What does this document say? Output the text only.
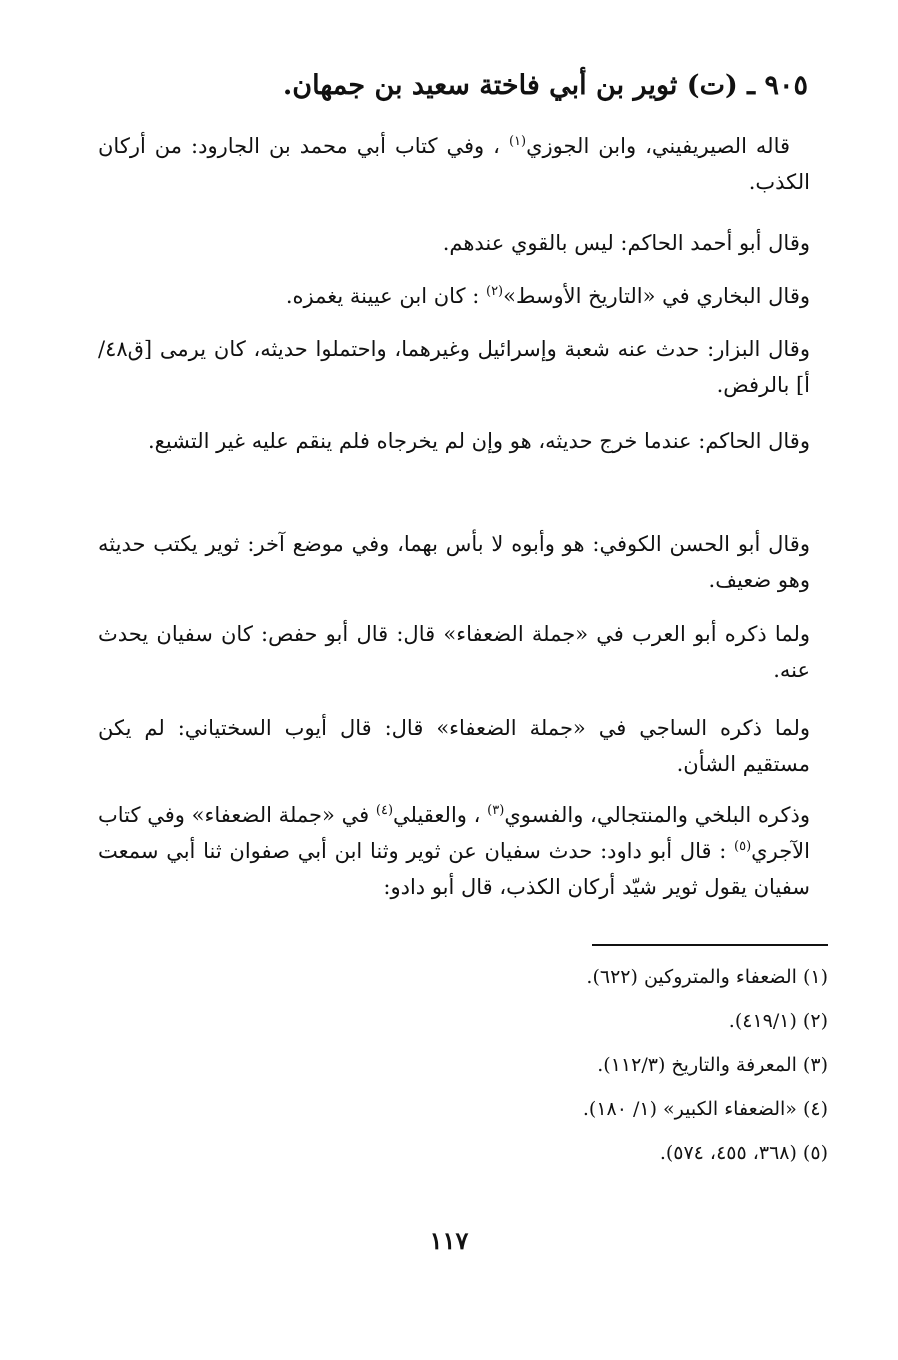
٩٠٥ ـ (ت) ثوير بن أبي فاختة سعيد بن جمهان.
قاله الصيريفيني، وابن الجوزي$^{(١)}$ ، وفي كتاب أبي محمد بن الجارود: من أركان الكذب.
وقال أبو أحمد الحاكم: ليس بالقوي عندهم.
وقال البخاري في «التاريخ الأوسط»$^{(٢)}$ : كان ابن عيينة يغمزه.
وقال البزار: حدث عنه شعبة وإسرائيل وغيرهما، واحتملوا حديثه، كان يرمى [ق٤٨/أ] بالرفض.
وقال الحاكم: عندما خرج حديثه، هو وإن لم يخرجاه فلم ينقم عليه غير التشيع.
وقال أبو الحسن الكوفي: هو وأبوه لا بأس بهما، وفي موضع آخر: ثوير يكتب حديثه وهو ضعيف.
ولما ذكره أبو العرب في «جملة الضعفاء» قال: قال أبو حفص: كان سفيان يحدث عنه.
ولما ذكره الساجي في «جملة الضعفاء» قال: قال أيوب السختياني: لم يكن مستقيم الشأن.
وذكره البلخي والمنتجالي، والفسوي$^{(٣)}$ ، والعقيلي$^{(٤)}$ في «جملة الضعفاء» وفي كتاب الآجري$^{(٥)}$ : قال أبو داود: حدث سفيان عن ثوير وثنا ابن أبي صفوان ثنا أبي سمعت سفيان يقول ثوير شيّد أركان الكذب، قال أبو دادو:
(١) الضعفاء والمتروكين (٦٢٢).
(٢) (٤١٩/١).
(٣) المعرفة والتاريخ (١١٢/٣).
(٤) «الضعفاء الكبير» (١/ ١٨٠).
(٥) (٣٦٨، ٤٥٥، ٥٧٤).
١١٧
